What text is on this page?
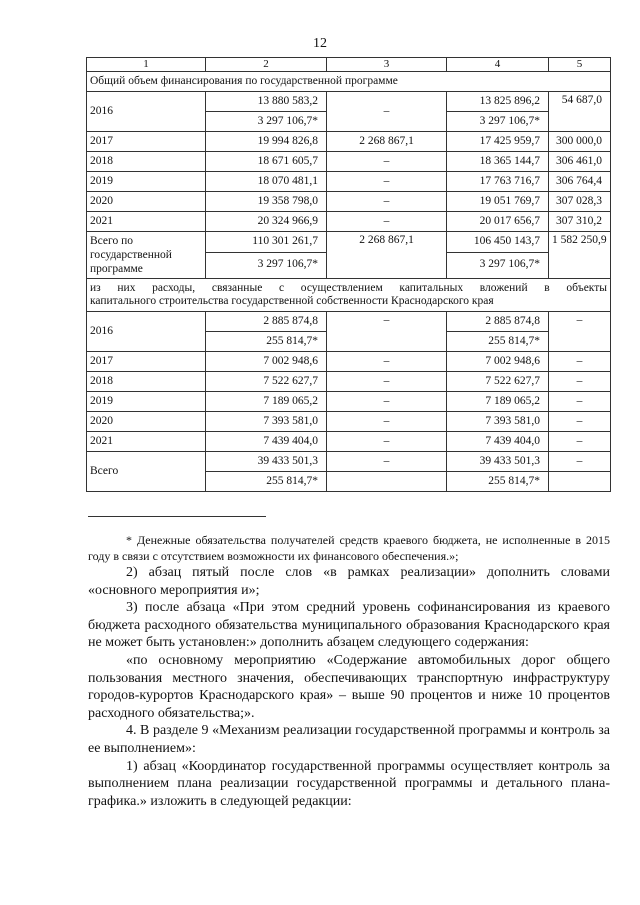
12
1	2	3	4	5
Общий объем финансирования по государственной программе				
2016	13 880 583,2	–	13 825 896,2	54 687,0
	3 297 106,7*		3 297 106,7*	
2017	19 994 826,8	2 268 867,1	17 425 959,7	300 000,0
2018	18 671 605,7	–	18 365 144,7	306 461,0
2019	18 070 481,1	–	17 763 716,7	306 764,4
2020	19 358 798,0	–	19 051 769,7	307 028,3
2021	20 324 966,9	–	20 017 656,7	307 310,2
Всего по
государственной
программе	110 301 261,7	2 268 867,1	106 450 143,7	1 582 250,9
	3 297 106,7*		3 297 106,7*	

из них расходы, связанные с осуществлением капитальных вложений в объекты
капитального строительства государственной собственности Краснодарского края				

2016	2 885 874,8	–	2 885 874,8	–
	255 814,7*		255 814,7*	
2017	7 002 948,6	–	7 002 948,6	–
2018	7 522 627,7	–	7 522 627,7	–
2019	7 189 065,2	–	7 189 065,2	–
2020	7 393 581,0	–	7 393 581,0	–
2021	7 439 404,0	–	7 439 404,0	–
Всего	39 433 501,3	–	39 433 501,3	–
	255 814,7*		255 814,7*	

* Денежные обязательства получателей средств краевого бюджета, не исполненные в 2015 году в связи с отсутствием возможности их финансового обеспечения.»;

2) абзац пятый после слов «в рамках реализации» дополнить словами «основного мероприятия и»;

3) после абзаца «При этом средний уровень софинансирования из краевого бюджета расходного обязательства муниципального образования Краснодарского края не может быть установлен:» дополнить абзацем следующего содержания:

«по основному мероприятию «Содержание автомобильных дорог общего пользования местного значения, обеспечивающих транспортную инфраструктуру городов-курортов Краснодарского края» – выше 90 процентов и ниже 10 процентов расходного обязательства;».

4. В разделе 9 «Механизм реализации государственной программы и контроль за ее выполнением»:

1) абзац «Координатор государственной программы осуществляет контроль за выполнением плана реализации государственной программы и детального плана-графика.» изложить в следующей редакции:
